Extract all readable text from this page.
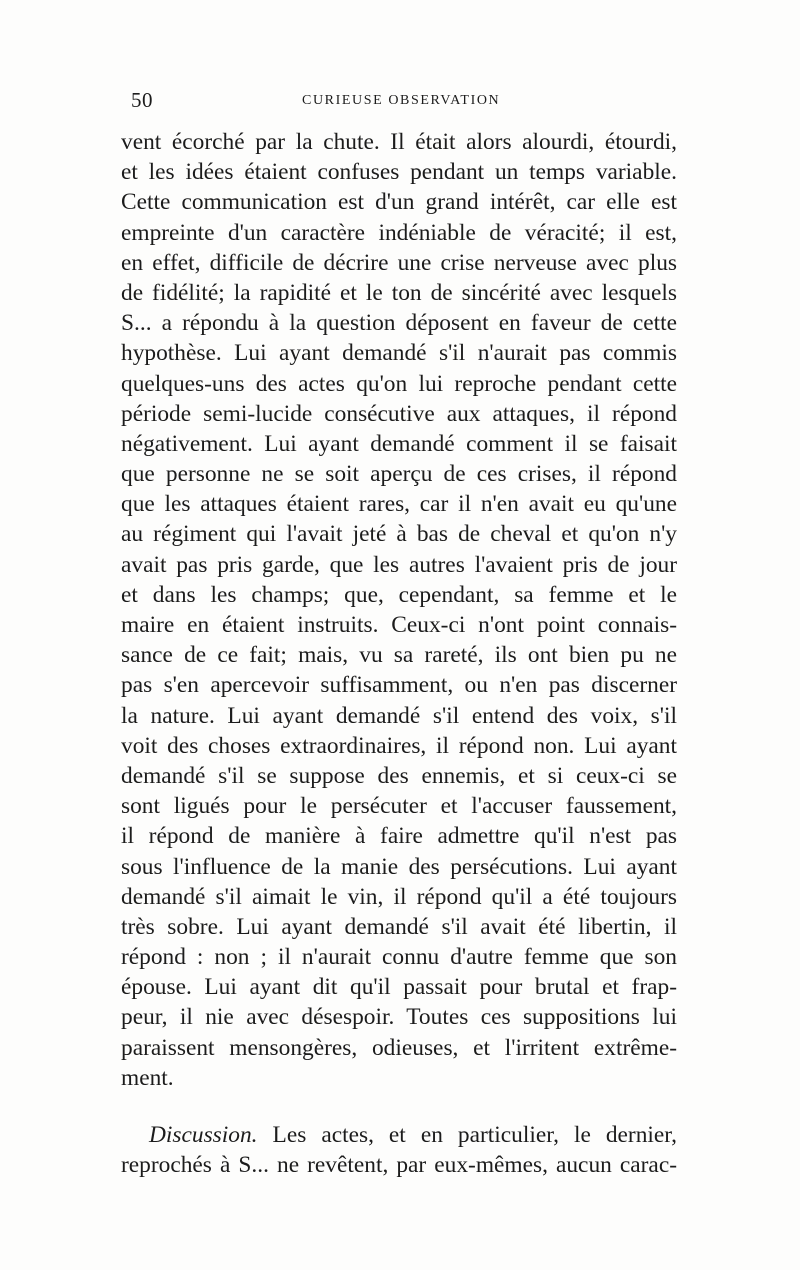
50	CURIEUSE OBSERVATION
vent écorché par la chute. Il était alors alourdi, étourdi,
et les idées étaient confuses pendant un temps variable.
Cette communication est d'un grand intérêt, car elle est
empreinte d'un caractère indéniable de véracité; il est,
en effet, difficile de décrire une crise nerveuse avec plus
de fidélité; la rapidité et le ton de sincérité avec lesquels
S... a répondu à la question déposent en faveur de cette
hypothèse. Lui ayant demandé s'il n'aurait pas commis
quelques-uns des actes qu'on lui reproche pendant cette
période semi-lucide consécutive aux attaques, il répond
négativement. Lui ayant demandé comment il se faisait
que personne ne se soit aperçu de ces crises, il répond
que les attaques étaient rares, car il n'en avait eu qu'une
au régiment qui l'avait jeté à bas de cheval et qu'on n'y
avait pas pris garde, que les autres l'avaient pris de jour
et dans les champs; que, cependant, sa femme et le
maire en étaient instruits. Ceux-ci n'ont point connais-
sance de ce fait; mais, vu sa rareté, ils ont bien pu ne
pas s'en apercevoir suffisamment, ou n'en pas discerner
la nature. Lui ayant demandé s'il entend des voix, s'il
voit des choses extraordinaires, il répond non. Lui ayant
demandé s'il se suppose des ennemis, et si ceux-ci se
sont ligués pour le persécuter et l'accuser faussement,
il répond de manière à faire admettre qu'il n'est pas
sous l'influence de la manie des persécutions. Lui ayant
demandé s'il aimait le vin, il répond qu'il a été toujours
très sobre. Lui ayant demandé s'il avait été libertin, il
répond : non ; il n'aurait connu d'autre femme que son
épouse. Lui ayant dit qu'il passait pour brutal et frap-
peur, il nie avec désespoir. Toutes ces suppositions lui
paraissent mensongères, odieuses, et l'irritent extrême-
ment.
Discussion. Les actes, et en particulier, le dernier,
reprochés à S... ne revêtent, par eux-mêmes, aucun carac-
